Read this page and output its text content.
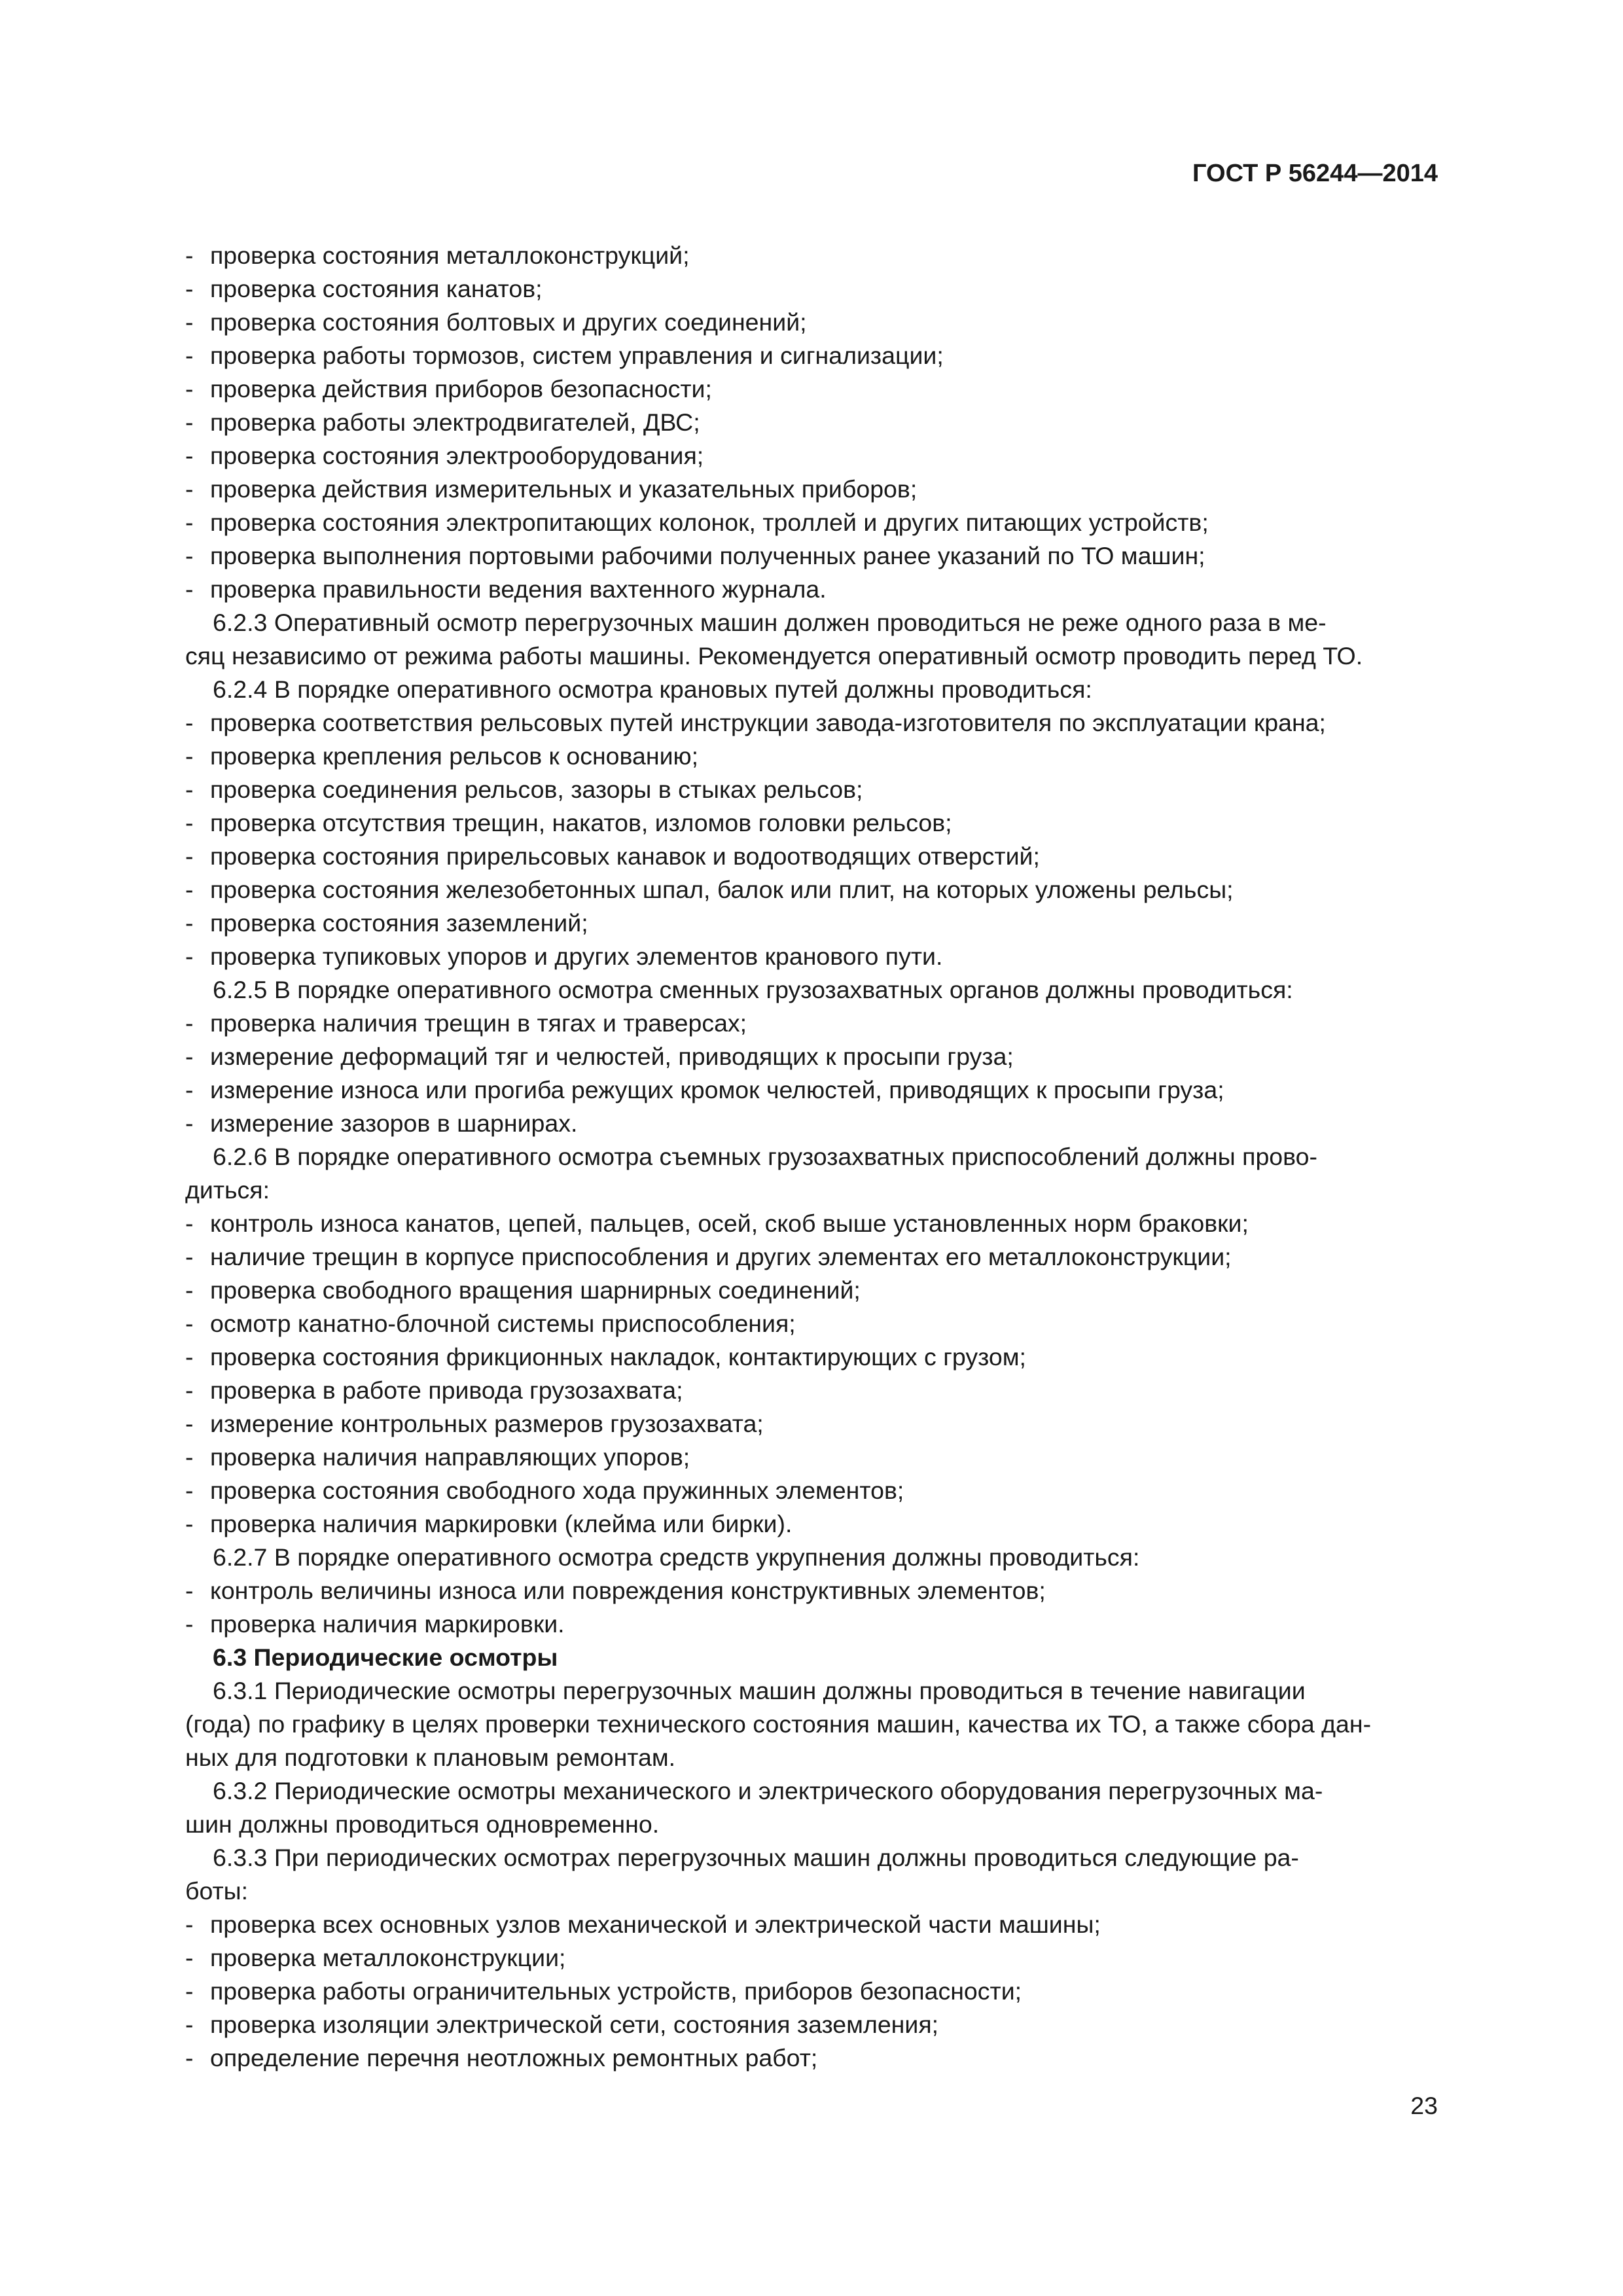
ГОСТ Р 56244—2014
- проверка состояния металлоконструкций;
- проверка состояния канатов;
- проверка состояния болтовых и других соединений;
- проверка работы тормозов, систем управления и сигнализации;
- проверка действия приборов безопасности;
- проверка работы электродвигателей, ДВС;
- проверка состояния электрооборудования;
- проверка действия измерительных и указательных приборов;
- проверка состояния электропитающих колонок, троллей и других питающих устройств;
- проверка выполнения портовыми рабочими полученных ранее указаний по ТО машин;
- проверка правильности ведения вахтенного журнала.
6.2.3 Оперативный осмотр перегрузочных машин должен проводиться не реже одного раза в ме-
сяц независимо от режима работы машины. Рекомендуется оперативный осмотр проводить перед ТО.
6.2.4 В порядке оперативного осмотра крановых путей должны проводиться:
- проверка соответствия рельсовых путей инструкции завода-изготовителя по эксплуатации крана;
- проверка крепления рельсов к основанию;
- проверка соединения рельсов, зазоры в стыках рельсов;
- проверка отсутствия трещин, накатов, изломов головки рельсов;
- проверка состояния прирельсовых канавок и водоотводящих отверстий;
- проверка состояния железобетонных шпал, балок или плит, на которых уложены рельсы;
- проверка состояния заземлений;
- проверка тупиковых упоров и других элементов кранового пути.
6.2.5 В порядке оперативного осмотра сменных грузозахватных органов должны проводиться:
- проверка наличия трещин в тягах и траверсах;
- измерение деформаций тяг и челюстей, приводящих к просыпи груза;
- измерение износа или прогиба режущих кромок челюстей, приводящих к просыпи груза;
- измерение зазоров в шарнирах.
6.2.6 В порядке оперативного осмотра съемных грузозахватных приспособлений должны прово-
диться:
- контроль износа канатов, цепей, пальцев, осей, скоб выше установленных норм браковки;
- наличие трещин в корпусе приспособления и других элементах его металлоконструкции;
- проверка свободного вращения шарнирных соединений;
- осмотр канатно-блочной системы приспособления;
- проверка состояния фрикционных накладок, контактирующих с грузом;
- проверка в работе привода грузозахвата;
- измерение контрольных размеров грузозахвата;
- проверка наличия направляющих упоров;
- проверка состояния свободного хода пружинных элементов;
- проверка наличия маркировки (клейма или бирки).
6.2.7 В порядке оперативного осмотра средств укрупнения должны проводиться:
- контроль величины износа или повреждения конструктивных элементов;
- проверка наличия маркировки.
6.3 Периодические осмотры
6.3.1 Периодические осмотры перегрузочных машин должны проводиться в течение навигации
(года) по графику в целях проверки технического состояния машин, качества их ТО, а также сбора дан-
ных для подготовки к плановым ремонтам.
6.3.2 Периодические осмотры механического и электрического оборудования перегрузочных ма-
шин должны проводиться одновременно.
6.3.3 При периодических осмотрах перегрузочных машин должны проводиться следующие ра-
боты:
- проверка всех основных узлов механической и электрической части машины;
- проверка металлоконструкции;
- проверка работы ограничительных устройств, приборов безопасности;
- проверка изоляции электрической сети, состояния заземления;
- определение перечня неотложных ремонтных работ;
23
